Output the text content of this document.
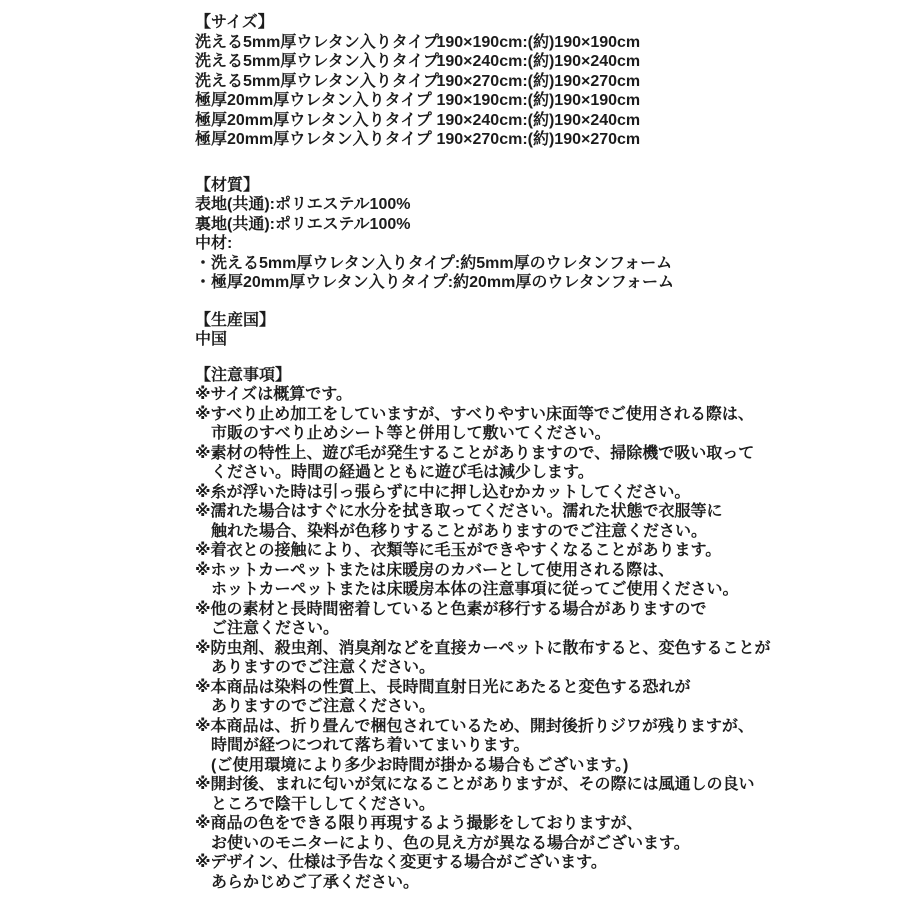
【サイズ】
洗える5mm厚ウレタン入りタイプ 190×190cm:(約)190×190cm
洗える5mm厚ウレタン入りタイプ 190×240cm:(約)190×240cm
洗える5mm厚ウレタン入りタイプ 190×270cm:(約)190×270cm
極厚20mm厚ウレタン入りタイプ 190×190cm:(約)190×190cm
極厚20mm厚ウレタン入りタイプ 190×240cm:(約)190×240cm
極厚20mm厚ウレタン入りタイプ 190×270cm:(約)190×270cm
【材質】
表地(共通):ポリエステル100%
裏地(共通):ポリエステル100%
中材:
・洗える5mm厚ウレタン入りタイプ:約5mm厚のウレタンフォーム
・極厚20mm厚ウレタン入りタイプ:約20mm厚のウレタンフォーム
【生産国】
中国
【注意事項】
※サイズは概算です。
※すべり止め加工をしていますが、すべりやすい床面等でご使用される際は、
市販のすべり止めシート等と併用して敷いてください。
※素材の特性上、遊び毛が発生することがありますので、掃除機で吸い取って
ください。時間の経過とともに遊び毛は減少します。
※糸が浮いた時は引っ張らずに中に押し込むかカットしてください。
※濡れた場合はすぐに水分を拭き取ってください。濡れた状態で衣服等に
触れた場合、染料が色移りすることがありますのでご注意ください。
※着衣との接触により、衣類等に毛玉ができやすくなることがあります。
※ホットカーペットまたは床暖房のカバーとして使用される際は、
ホットカーペットまたは床暖房本体の注意事項に従ってご使用ください。
※他の素材と長時間密着していると色素が移行する場合がありますので
ご注意ください。
※防虫剤、殺虫剤、消臭剤などを直接カーペットに散布すると、変色することが
ありますのでご注意ください。
※本商品は染料の性質上、長時間直射日光にあたると変色する恐れが
ありますのでご注意ください。
※本商品は、折り畳んで梱包されているため、開封後折りジワが残りますが、
時間が経つにつれて落ち着いてまいります。
(ご使用環境により多少お時間が掛かる場合もございます。)
※開封後、まれに匂いが気になることがありますが、その際には風通しの良い
ところで陰干ししてください。
※商品の色をできる限り再現するよう撮影をしておりますが、
お使いのモニターにより、色の見え方が異なる場合がございます。
※デザイン、仕様は予告なく変更する場合がございます。
あらかじめご了承ください。
